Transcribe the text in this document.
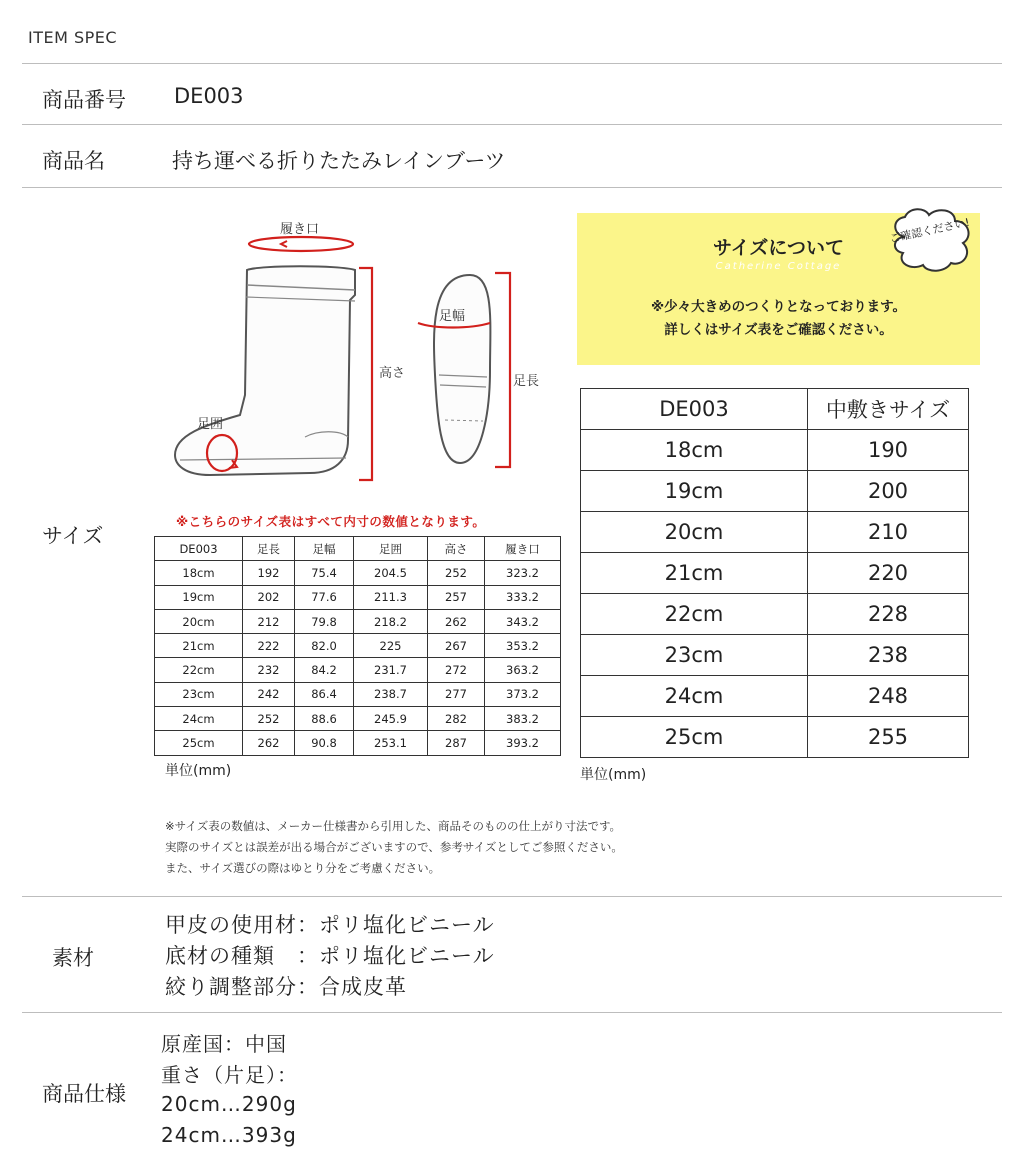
ITEM SPEC
商品番号 DE003
商品名	持ち運べる折りたたみレインブーツ
サイズ
履き口
高さ
足囲
足幅
足長
※こちらのサイズ表はすべて内寸の数値となります。
DE003	足長	足幅	足囲	高さ	履き口
18cm	192	75.4	204.5	252	323.2
19cm	202	77.6	211.3	257	333.2
20cm	212	79.8	218.2	262	343.2
21cm	222	82.0	225	267	353.2
22cm	232	84.2	231.7	272	363.2
23cm	242	86.4	238.7	277	373.2
24cm	252	88.6	245.9	282	383.2
25cm	262	90.8	253.1	287	393.2
単位(mm)
サイズについて
Catherine Cottage
ご確認ください!
※少々大きめのつくりとなっております。
詳しくはサイズ表をご確認ください。
DE003	中敷きサイズ
18cm	190
19cm	200
20cm	210
21cm	220
22cm	228
23cm	238
24cm	248
25cm	255
単位(mm)
※サイズ表の数値は、メーカー仕様書から引用した、商品そのものの仕上がり寸法です。
実際のサイズとは誤差が出る場合がございますので、参考サイズとしてご参照ください。
また、サイズ選びの際はゆとり分をご考慮ください。
素材
甲皮の使用材：ポリ塩化ビニール
底材の種類　：ポリ塩化ビニール
絞り調整部分：合成皮革
商品仕様
原産国：中国
重さ（片足）：
20cm…290g
24cm…393g
